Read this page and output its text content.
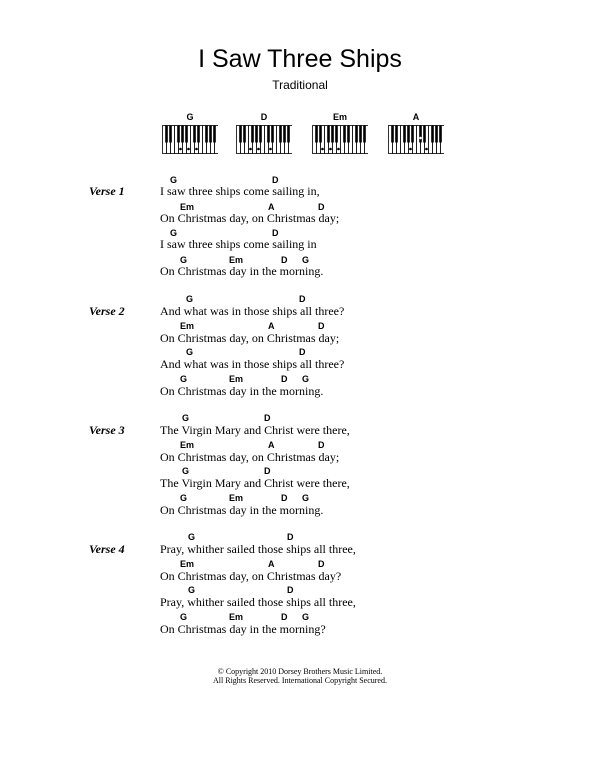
I Saw Three Ships
Traditional
G	D	Em	A
Verse 1
G	D
I saw three ships come sailing in,
Em	A	D
On Christmas day, on Christmas day;
G	D
I saw three ships come sailing in
G	Em	D G
On Christmas day in the morning.
Verse 2
G	D
And what was in those ships all three?
Em	A	D
On Christmas day, on Christmas day;
G	D
And what was in those ships all three?
G	Em	D G
On Christmas day in the morning.
Verse 3
G	D
The Virgin Mary and Christ were there,
Em	A	D
On Christmas day, on Christmas day;
G	D
The Virgin Mary and Christ were there,
G	Em	D G
On Christmas day in the morning.
Verse 4
G	D
Pray, whither sailed those ships all three,
Em	A	D
On Christmas day, on Christmas day?
G	D
Pray, whither sailed those ships all three,
G	Em	D G
On Christmas day in the morning?
© Copyright 2010 Dorsey Brothers Music Limited.
All Rights Reserved. International Copyright Secured.
